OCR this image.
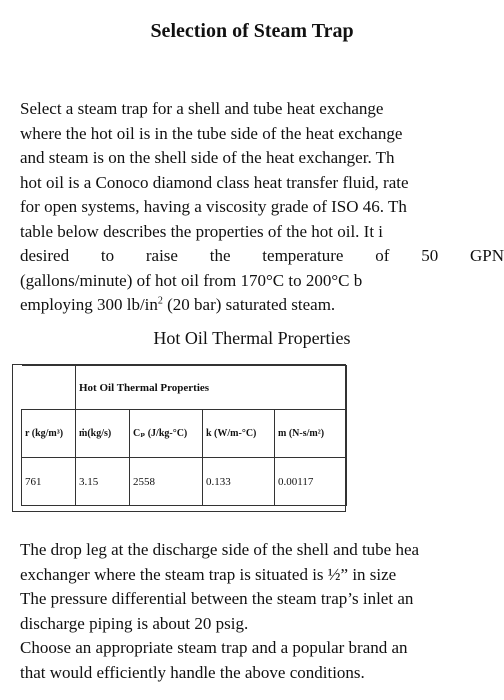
Selection of Steam Trap
Select a steam trap for a shell and tube heat exchange
where the hot oil is in the tube side of the heat exchange
and steam is on the shell side of the heat exchanger. Th
hot oil is a Conoco diamond class heat transfer fluid, rate
for open systems, having a viscosity grade of ISO 46. Th
table below describes the properties of the hot oil. It i
desired to raise the temperature of 50 GPN
(gallons/minute) of hot oil from 170°C to 200°C b
employing 300 $lb/in^2$ (20 bar) saturated steam.
Hot Oil Thermal Properties
	Hot Oil Thermal Properties			
r (kg/m³)	ṁ(kg/s)	Cₚ (J/kg-°C)	k (W/m-°C)	m (N-s/m²)
761	3.15	2558	0.133	0.00117
The drop leg at the discharge side of the shell and tube hea
exchanger where the steam trap is situated is ½” in size
The pressure differential between the steam trap’s inlet an
discharge piping is about 20 psig.
Choose an appropriate steam trap and a popular brand an
that would efficiently handle the above conditions.
